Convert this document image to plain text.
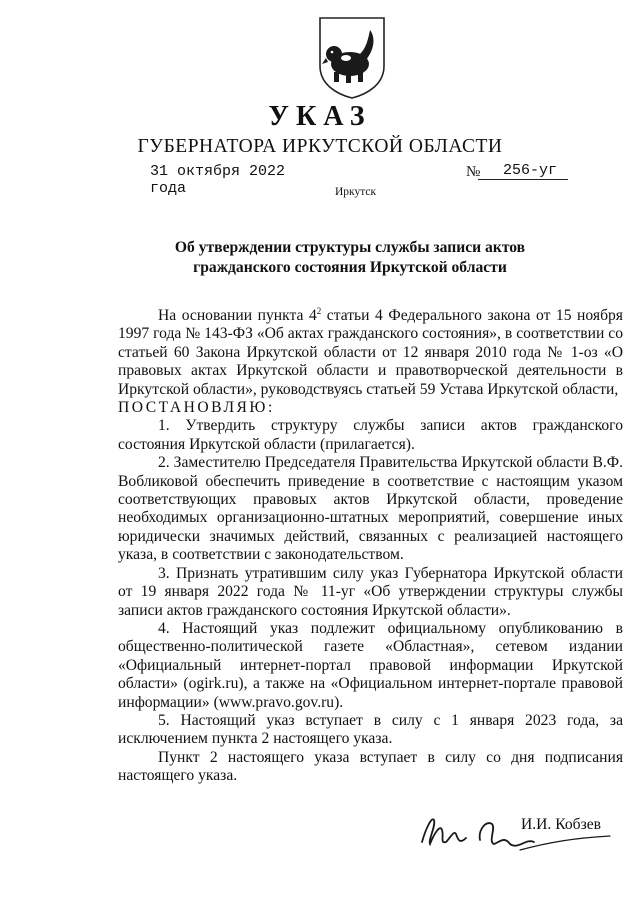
УКАЗ
ГУБЕРНАТОРА ИРКУТСКОЙ ОБЛАСТИ
31 октября 2022 года
№	256-уг
Иркутск
Об утверждении структуры службы записи актов гражданского состояния Иркутской области

На основании пункта $4^2$ статьи 4 Федерального закона от 15 ноября 1997 года № 143-ФЗ «Об актах гражданского состояния», в соответствии со статьей 60 Закона Иркутской области от 12 января 2010 года № 1-оз «О правовых актах Иркутской области и правотворческой деятельности в Иркутской области», руководствуясь статьей 59 Устава Иркутской области,

ПОСТАНОВЛЯЮ:

1. Утвердить структуру службы записи актов гражданского состояния Иркутской области (прилагается).

2. Заместителю Председателя Правительства Иркутской области В.Ф. Вобликовой обеспечить приведение в соответствие с настоящим указом соответствующих правовых актов Иркутской области, проведение необходимых организационно-штатных мероприятий, совершение иных юридически значимых действий, связанных с реализацией настоящего указа, в соответствии с законодательством.

3. Признать утратившим силу указ Губернатора Иркутской области от 19 января 2022 года № 11-уг «Об утверждении структуры службы записи актов гражданского состояния Иркутской области».

4. Настоящий указ подлежит официальному опубликованию в общественно-политической газете «Областная», сетевом издании «Официальный интернет-портал правовой информации Иркутской области» (ogirk.ru), а также на «Официальном интернет-портале правовой информации» (www.pravo.gov.ru).

5. Настоящий указ вступает в силу с 1 января 2023 года, за исключением пункта 2 настоящего указа.

Пункт 2 настоящего указа вступает в силу со дня подписания настоящего указа.

И.И. Кобзев
